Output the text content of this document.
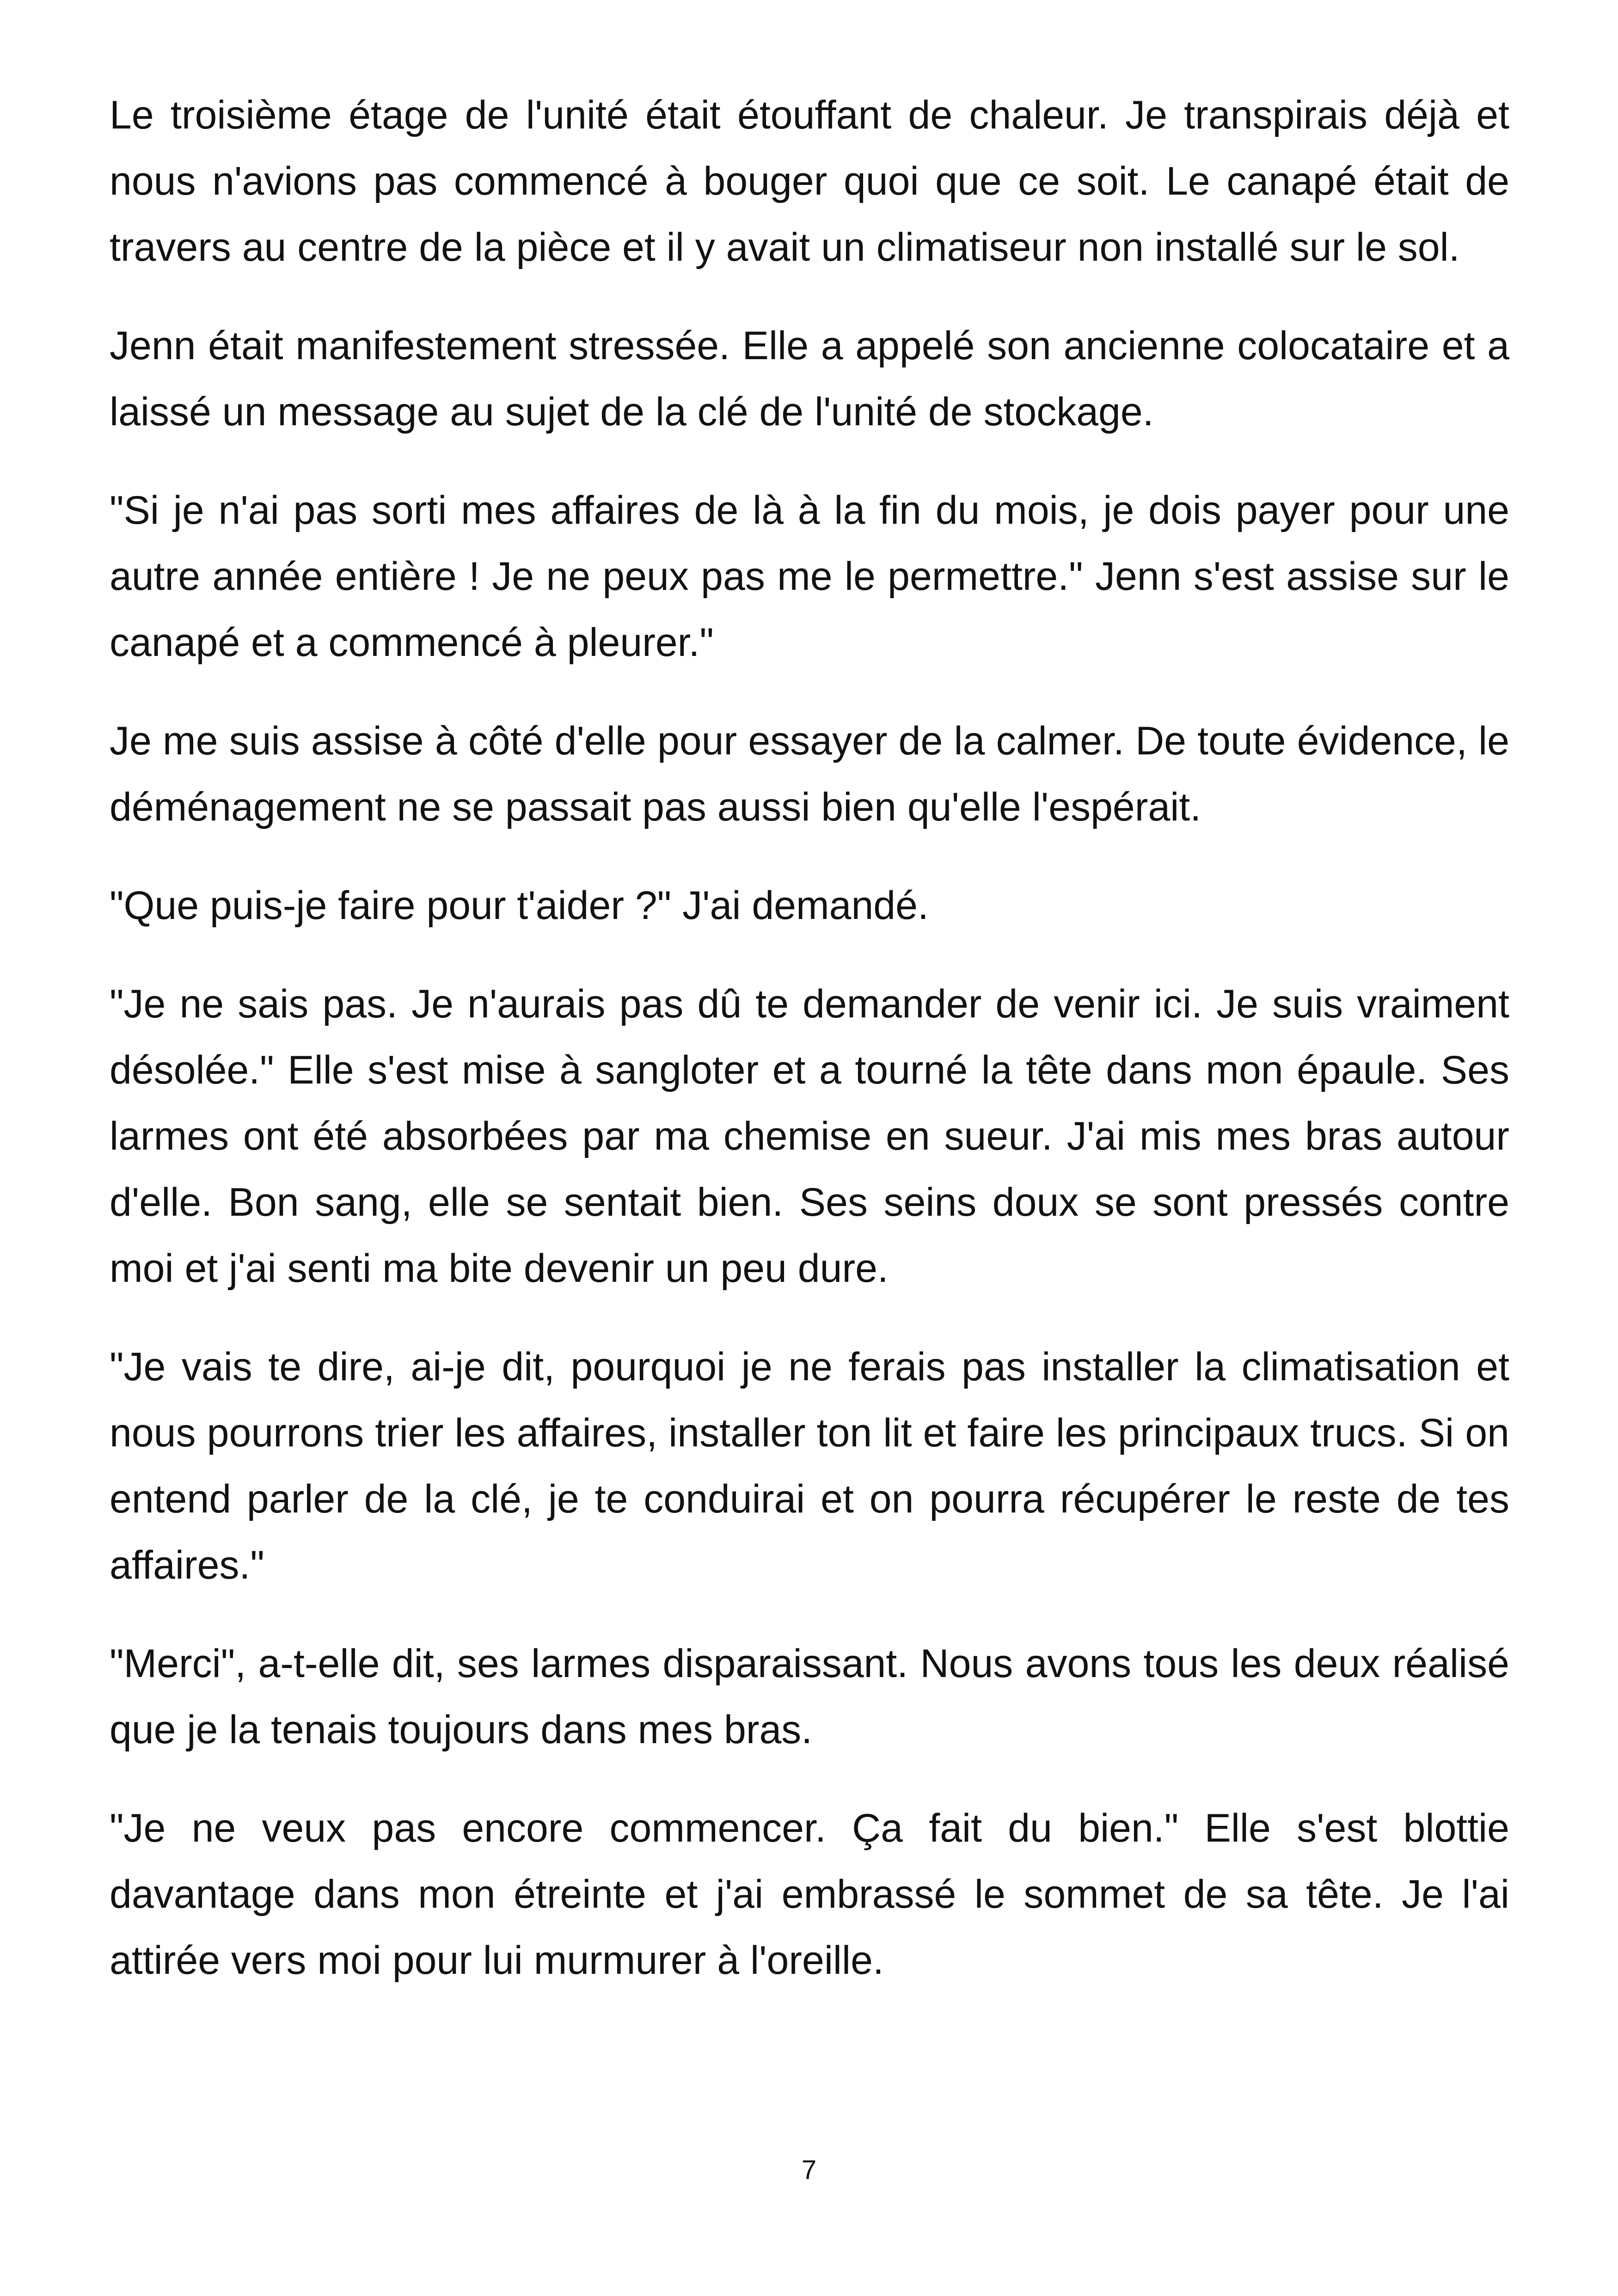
Le troisième étage de l'unité était étouffant de chaleur. Je transpirais déjà et nous n'avions pas commencé à bouger quoi que ce soit. Le canapé était de travers au centre de la pièce et il y avait un climatiseur non installé sur le sol.

Jenn était manifestement stressée. Elle a appelé son ancienne colocataire et a laissé un message au sujet de la clé de l'unité de stockage.

"Si je n'ai pas sorti mes affaires de là à la fin du mois, je dois payer pour une autre année entière ! Je ne peux pas me le permettre." Jenn s'est assise sur le canapé et a commencé à pleurer."

Je me suis assise à côté d'elle pour essayer de la calmer. De toute évidence, le déménagement ne se passait pas aussi bien qu'elle l'espérait.

"Que puis-je faire pour t'aider ?" J'ai demandé.

"Je ne sais pas. Je n'aurais pas dû te demander de venir ici. Je suis vraiment désolée." Elle s'est mise à sangloter et a tourné la tête dans mon épaule. Ses larmes ont été absorbées par ma chemise en sueur. J'ai mis mes bras autour d'elle. Bon sang, elle se sentait bien. Ses seins doux se sont pressés contre moi et j'ai senti ma bite devenir un peu dure.

"Je vais te dire, ai-je dit, pourquoi je ne ferais pas installer la climatisation et nous pourrons trier les affaires, installer ton lit et faire les principaux trucs. Si on entend parler de la clé, je te conduirai et on pourra récupérer le reste de tes affaires."

"Merci", a-t-elle dit, ses larmes disparaissant. Nous avons tous les deux réalisé que je la tenais toujours dans mes bras.

"Je ne veux pas encore commencer. Ça fait du bien." Elle s'est blottie davantage dans mon étreinte et j'ai embrassé le sommet de sa tête. Je l'ai attirée vers moi pour lui murmurer à l'oreille.

7
